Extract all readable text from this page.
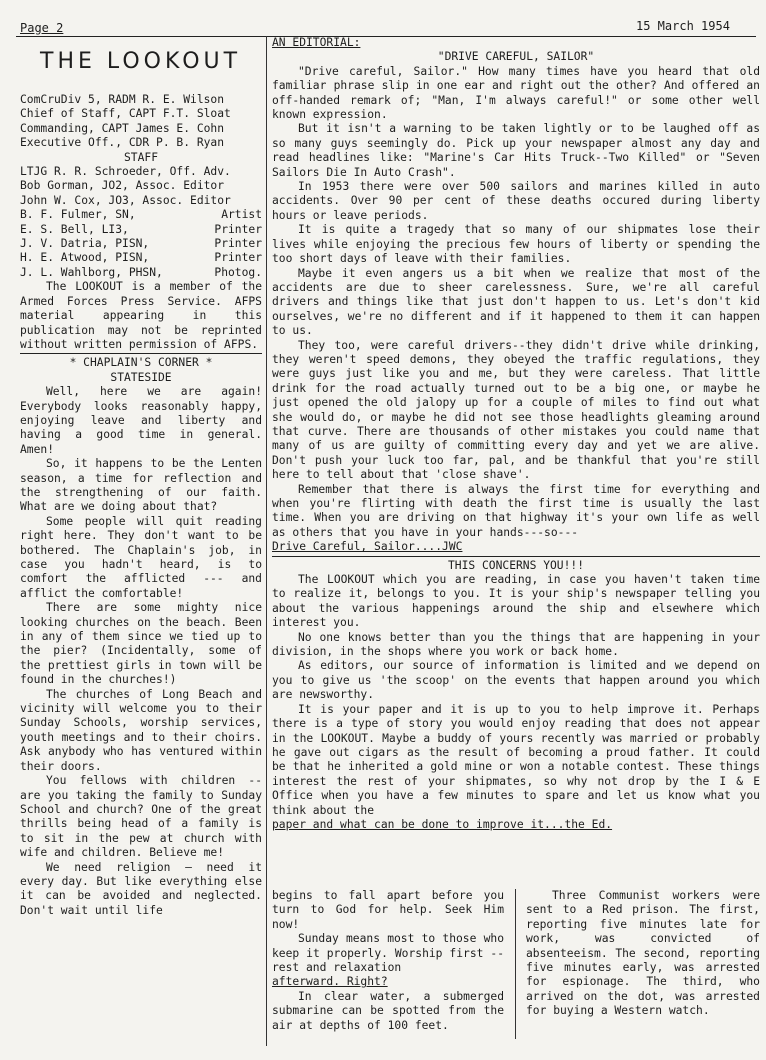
Page 2	15 March 1954
THE LOOKOUT
ComCruDiv 5, RADM R. E. Wilson
Chief of Staff, CAPT F.T. Sloat
Commanding, CAPT James E. Cohn
Executive Off., CDR P. B. Ryan
STAFF
LTJG R. R. Schroeder, Off. Adv.
Bob Gorman, JO2, Assoc. Editor
John W. Cox, JO3, Assoc. Editor
B. F. Fulmer, SN,	Artist
E. S. Bell, LI3,	Printer
J. V. Datria, PISN,	Printer
H. E. Atwood, PISN,	Printer
J. L. Wahlborg, PHSN,	Photog.

The LOOKOUT is a member of the Armed Forces Press Service. AFPS material appearing in this publication may not be reprinted without written permission of AFPS.

* CHAPLAIN'S CORNER *
STATESIDE

Well, here we are again! Everybody looks reasonably happy, enjoying leave and liberty and having a good time in general. Amen!

So, it happens to be the Lenten season, a time for reflection and the strengthening of our faith. What are we doing about that?

Some people will quit reading right here. They don't want to be bothered. The Chaplain's job, in case you hadn't heard, is to comfort the afflicted --- and afflict the comfortable!

There are some mighty nice looking churches on the beach. Been in any of them since we tied up to the pier? (Incidentally, some of the prettiest girls in town will be found in the churches!)

The churches of Long Beach and vicinity will welcome you to their Sunday Schools, worship services, youth meetings and to their choirs. Ask anybody who has ventured within their doors.

You fellows with children -- are you taking the family to Sunday School and church? One of the great thrills being head of a family is to sit in the pew at church with wife and children. Believe me!

We need religion — need it every day. But like everything else it can be avoided and neglected. Don't wait until life

AN EDITORIAL:
"DRIVE CAREFUL, SAILOR"

"Drive careful, Sailor." How many times have you heard that old familiar phrase slip in one ear and right out the other? And offered an off-handed remark of; "Man, I'm always careful!" or some other well known expression.

But it isn't a warning to be taken lightly or to be laughed off as so many guys seemingly do. Pick up your newspaper almost any day and read headlines like: "Marine's Car Hits Truck--Two Killed" or "Seven Sailors Die In Auto Crash".

In 1953 there were over 500 sailors and marines killed in auto accidents. Over 90 per cent of these deaths occured during liberty hours or leave periods.

It is quite a tragedy that so many of our shipmates lose their lives while enjoying the precious few hours of liberty or spending the too short days of leave with their families.

Maybe it even angers us a bit when we realize that most of the accidents are due to sheer carelessness. Sure, we're all careful drivers and things like that just don't happen to us. Let's don't kid ourselves, we're no different and if it happened to them it can happen to us.

They too, were careful drivers--they didn't drive while drinking, they weren't speed demons, they obeyed the traffic regulations, they were guys just like you and me, but they were careless. That little drink for the road actually turned out to be a big one, or maybe he just opened the old jalopy up for a couple of miles to find out what she would do, or maybe he did not see those headlights gleaming around that curve. There are thousands of other mistakes you could name that many of us are guilty of committing every day and yet we are alive. Don't push your luck too far, pal, and be thankful that you're still here to tell about that 'close shave'.

Remember that there is always the first time for everything and when you're flirting with death the first time is usually the last time. When you are driving on that highway it's your own life as well as others that you have in your hands---so---

Drive Careful, Sailor....JWC
THIS CONCERNS YOU!!!

The LOOKOUT which you are reading, in case you haven't taken time to realize it, belongs to you. It is your ship's newspaper telling you about the various happenings around the ship and elsewhere which interest you.

No one knows better than you the things that are happening in your division, in the shops where you work or back home.

As editors, our source of information is limited and we depend on you to give us 'the scoop' on the events that happen around you which are newsworthy.

It is your paper and it is up to you to help improve it. Perhaps there is a type of story you would enjoy reading that does not appear in the LOOKOUT. Maybe a buddy of yours recently was married or probably he gave out cigars as the result of becoming a proud father. It could be that he inherited a gold mine or won a notable contest. These things interest the rest of your shipmates, so why not drop by the I & E Office when you have a few minutes to spare and let us know what you think about the

paper and what can be done to improve it...the Ed.

begins to fall apart before you turn to God for help. Seek Him now!

Sunday means most to those who keep it properly. Worship first -- rest and relaxation

afterward. Right?

In clear water, a submerged submarine can be spotted from the air at depths of 100 feet.

Three Communist workers were sent to a Red prison. The first, reporting five minutes late for work, was convicted of absenteeism. The second, reporting five minutes early, was arrested for espionage. The third, who arrived on the dot, was arrested for buying a Western watch.
